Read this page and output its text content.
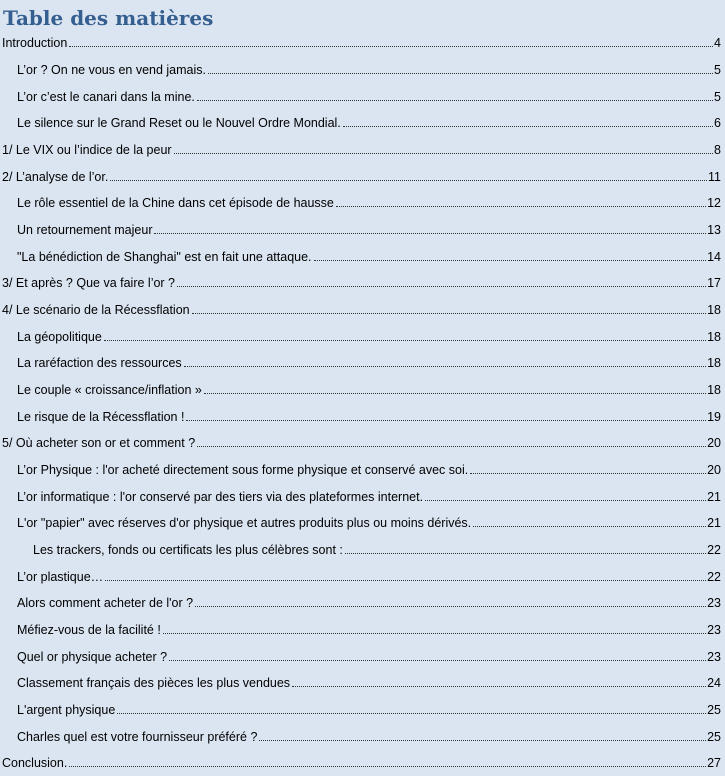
Table des matières
Introduction	4
L’or ? On ne vous en vend jamais.	5
L’or c’est le canari dans la mine.	5
Le silence sur le Grand Reset ou le Nouvel Ordre Mondial.	6
1/ Le VIX ou l’indice de la peur	8
2/ L’analyse de l’or.	11
Le rôle essentiel de la Chine dans cet épisode de hausse	12
Un retournement majeur	13
"La bénédiction de Shanghai" est en fait une attaque.	14
3/ Et après ? Que va faire l’or ?	17
4/ Le scénario de la Récessflation	18
La géopolitique	18
La raréfaction des ressources	18
Le couple « croissance/inflation »	18
Le risque de la Récessflation !	19
5/ Où acheter son or et comment ?	20
L’or Physique : l'or acheté directement sous forme physique et conservé avec soi.	20
L’or informatique : l'or conservé par des tiers via des plateformes internet.	21
L'or "papier" avec réserves d'or physique et autres produits plus ou moins dérivés.	21
Les trackers, fonds ou certificats les plus célèbres sont :	22
L’or plastique…	22
Alors comment acheter de l'or ?	23
Méfiez-vous de la facilité !	23
Quel or physique acheter ?	23
Classement français des pièces les plus vendues	24
L'argent physique	25
Charles quel est votre fournisseur préféré ?	25
Conclusion.	27
